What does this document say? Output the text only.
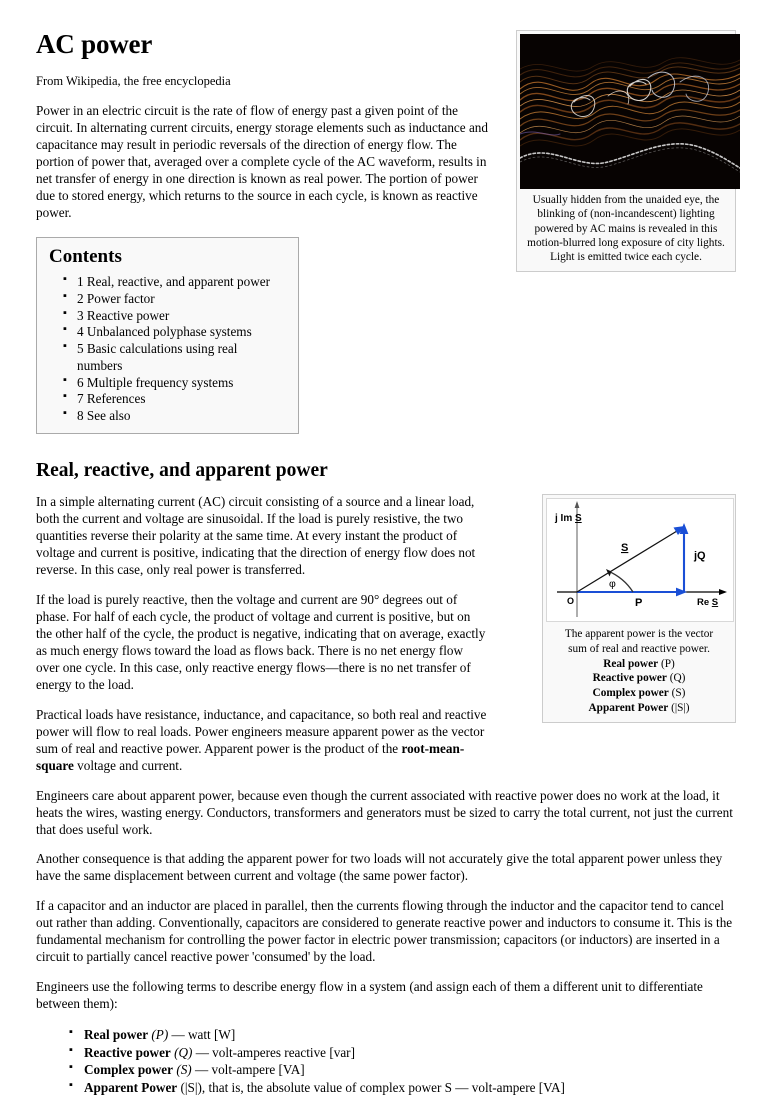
Usually hidden from the unaided eye, the blinking of (non-incandescent) lighting powered by AC mains is revealed in this motion-blurred long exposure of city lights. Light is emitted twice each cycle.
AC power
From Wikipedia, the free encyclopedia

Power in an electric circuit is the rate of flow of energy past a given point of the circuit. In alternating current circuits, energy storage elements such as inductance and capacitance may result in periodic reversals of the direction of energy flow. The portion of power that, averaged over a complete cycle of the AC waveform, results in net transfer of energy in one direction is known as real power. The portion of power due to stored energy, which returns to the source in each cycle, is known as reactive power.

Contents
▪ 1 Real, reactive, and apparent power
▪ 2 Power factor
▪ 3 Reactive power
▪ 4 Unbalanced polyphase systems
▪ 5 Basic calculations using real numbers
▪ 6 Multiple frequency systems
▪ 7 References
▪ 8 See also
Real, reactive, and apparent power
j Im S
Re S
O	P
jQ
S
φ
The apparent power is the vector
sum of real and reactive power.
Real power (P)
Reactive power (Q)
Complex power (S)
Apparent Power (|S|)

In a simple alternating current (AC) circuit consisting of a source and a linear load, both the current and voltage are sinusoidal. If the load is purely resistive, the two quantities reverse their polarity at the same time. At every instant the product of voltage and current is positive, indicating that the direction of energy flow does not reverse. In this case, only real power is transferred.

If the load is purely reactive, then the voltage and current are 90° degrees out of phase. For half of each cycle, the product of voltage and current is positive, but on the other half of the cycle, the product is negative, indicating that on average, exactly as much energy flows toward the load as flows back. There is no net energy flow over one cycle. In this case, only reactive energy flows—there is no net transfer of energy to the load.

Practical loads have resistance, inductance, and capacitance, so both real and reactive power will flow to real loads. Power engineers measure apparent power as the vector sum of real and reactive power. Apparent power is the product of the root-mean-square voltage and current.

Engineers care about apparent power, because even though the current associated with reactive power does no work at the load, it heats the wires, wasting energy. Conductors, transformers and generators must be sized to carry the total current, not just the current that does useful work.

Another consequence is that adding the apparent power for two loads will not accurately give the total apparent power unless they have the same displacement between current and voltage (the same power factor).

If a capacitor and an inductor are placed in parallel, then the currents flowing through the inductor and the capacitor tend to cancel out rather than adding. Conventionally, capacitors are considered to generate reactive power and inductors to consume it. This is the fundamental mechanism for controlling the power factor in electric power transmission; capacitors (or inductors) are inserted in a circuit to partially cancel reactive power 'consumed' by the load.

Engineers use the following terms to describe energy flow in a system (and assign each of them a different unit to differentiate between them):

▪ Real power (P) — watt [W]
▪ Reactive power (Q) — volt-amperes reactive [var]
▪ Complex power (S) — volt-ampere [VA]
▪ Apparent Power (|S|), that is, the absolute value of complex power S — volt-ampere [VA]
